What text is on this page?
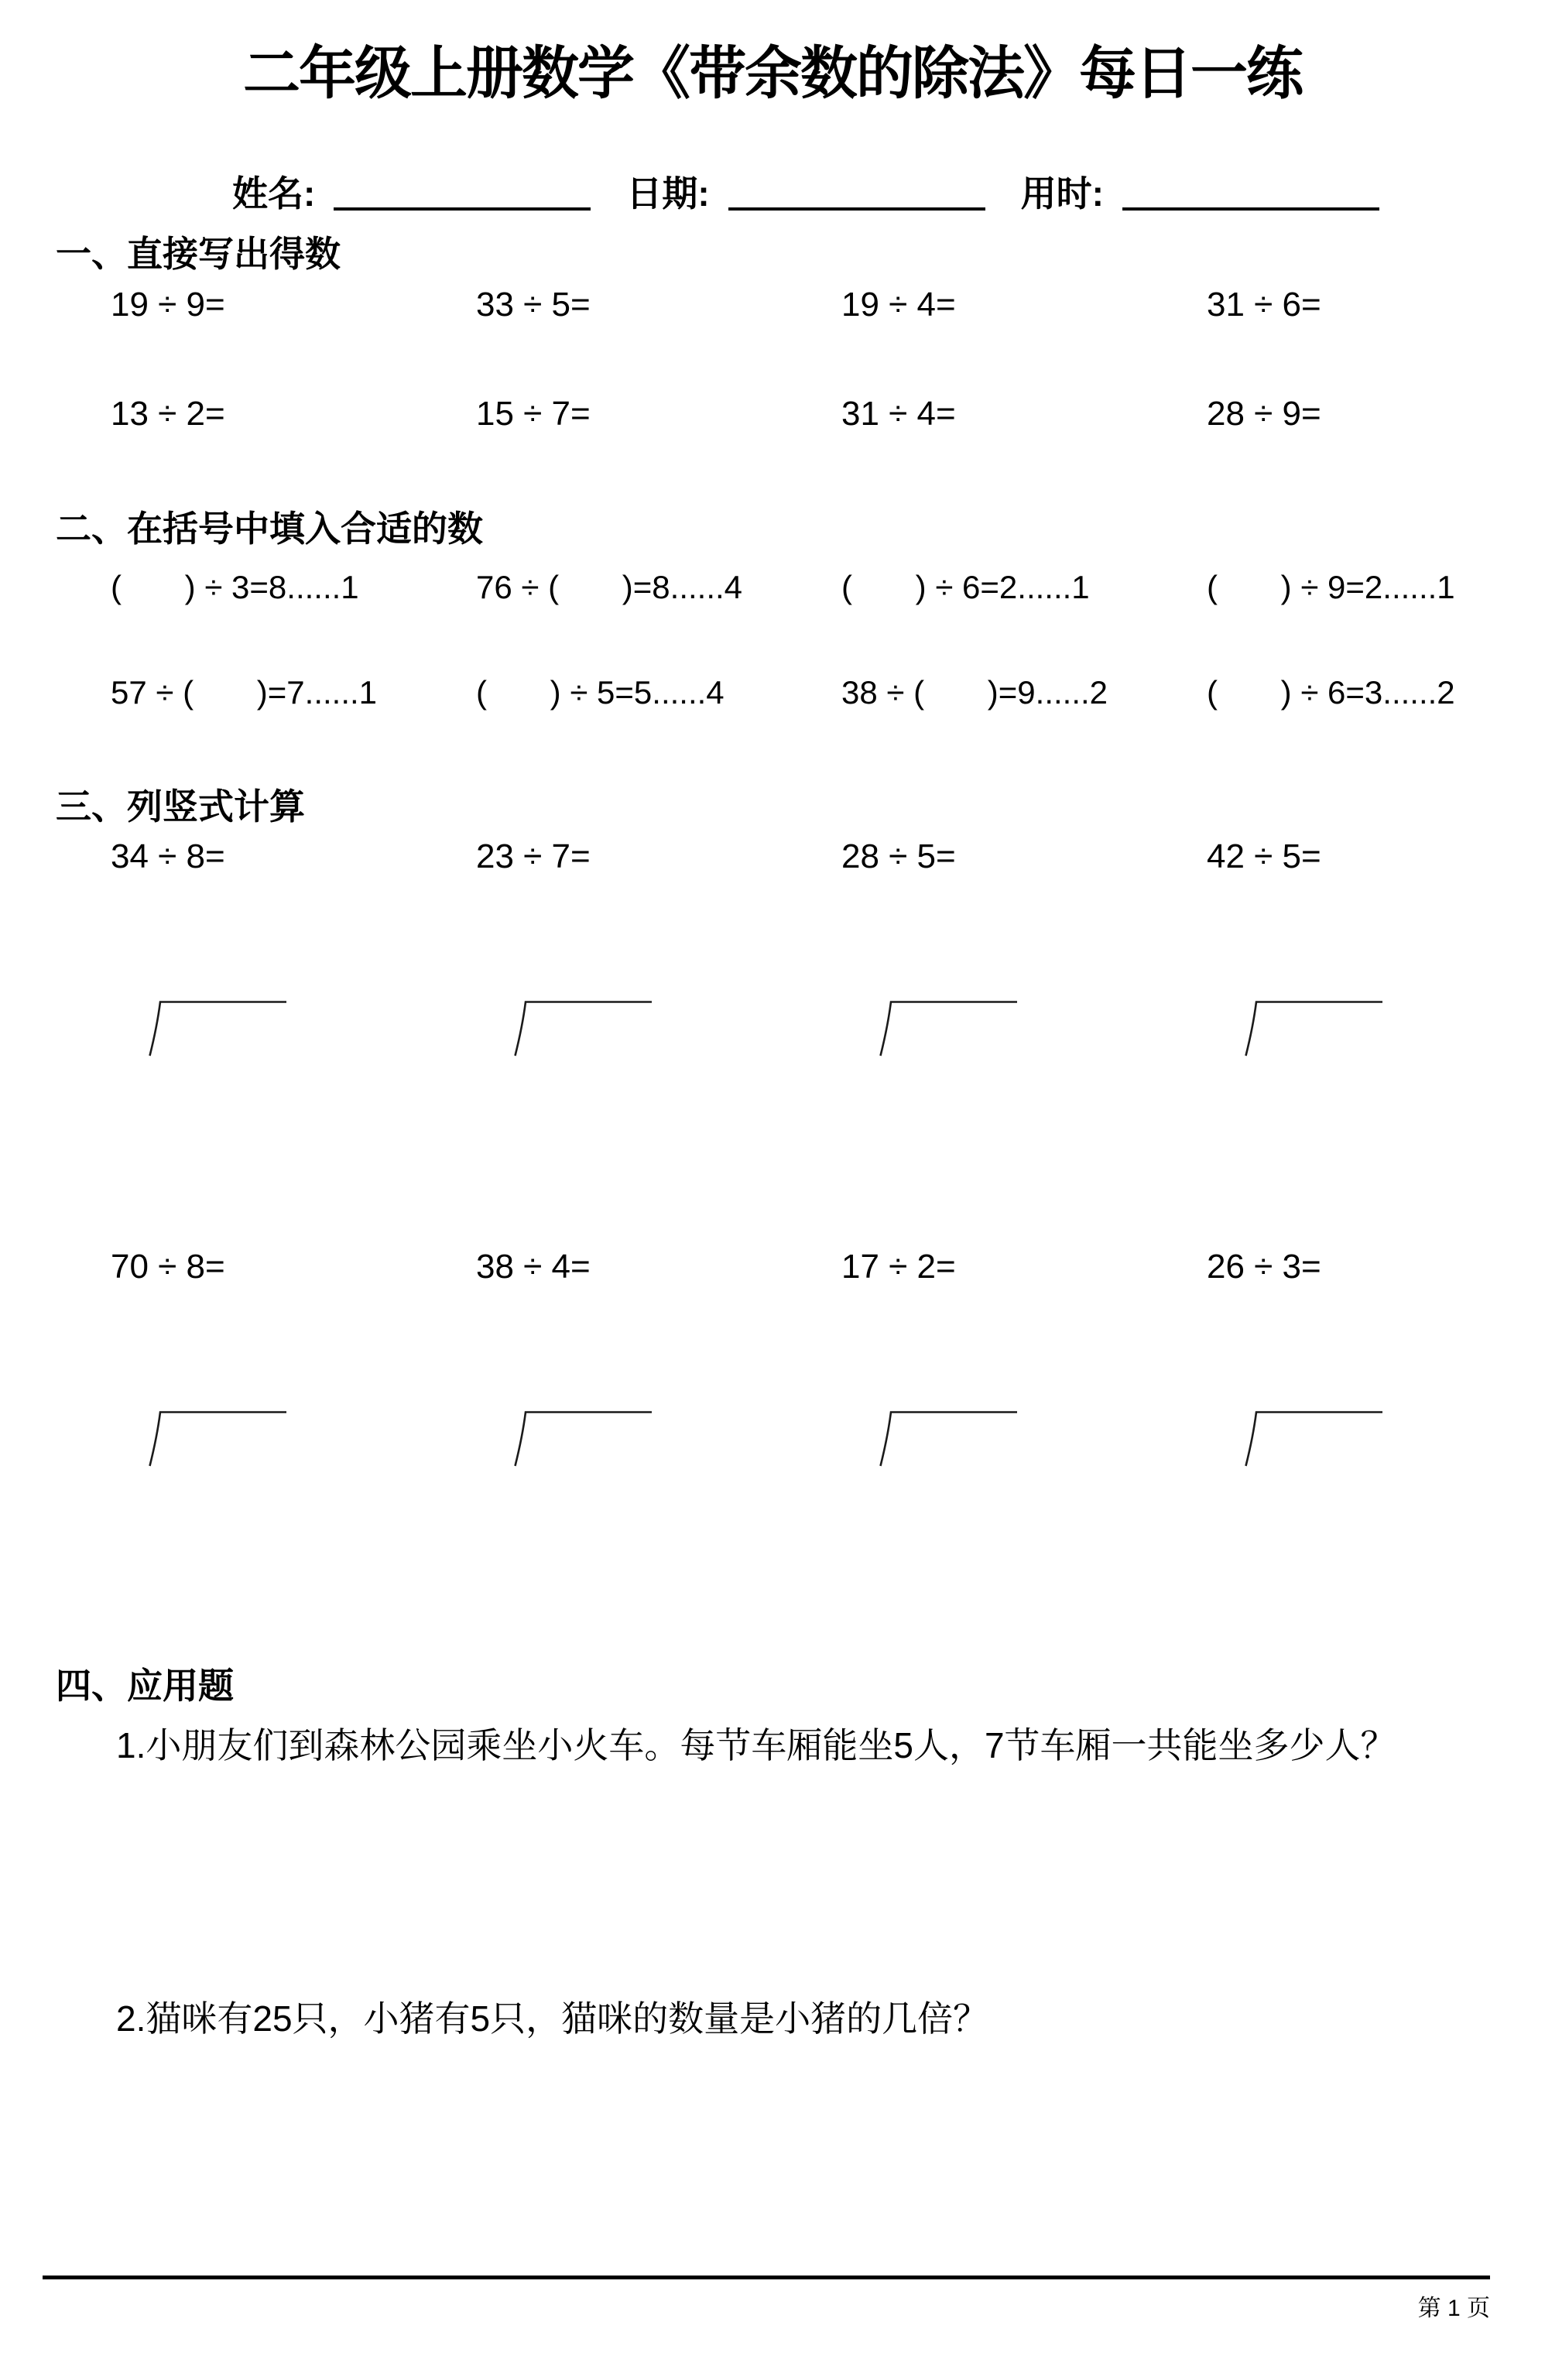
二年级上册数学《带余数的除法》每日一练
姓名:	日期:	用时:
一、直接写出得数
19 ÷ 9=	33 ÷ 5=	19 ÷ 4=	31 ÷ 6=
13 ÷ 2=	15 ÷ 7=	31 ÷ 4=	28 ÷ 9=
二、在括号中填入合适的数
(       ) ÷ 3=8......1	76 ÷ (       )=8......4	(       ) ÷ 6=2......1	(       ) ÷ 9=2......1
57 ÷ (       )=7......1	(       ) ÷ 5=5......4	38 ÷ (       )=9......2	(       ) ÷ 6=3......2
三、列竖式计算
34 ÷ 8=	23 ÷ 7=	28 ÷ 5=	42 ÷ 5=
70 ÷ 8=	38 ÷ 4=	17 ÷ 2=	26 ÷ 3=
四、应用题

1.小朋友们到森林公园乘坐小火车。每节车厢能坐5人，7节车厢一共能坐多少人？

2.猫咪有25只，小猪有5只，猫咪的数量是小猪的几倍？

第 1 页
